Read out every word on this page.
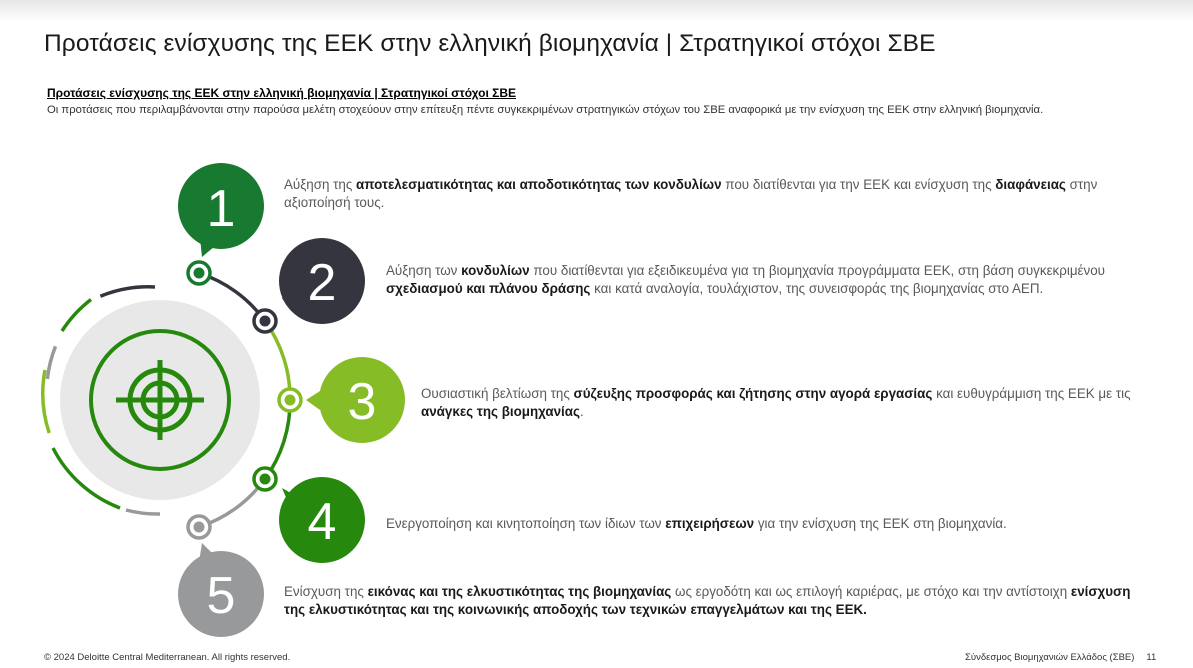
Προτάσεις ενίσχυσης της ΕΕΚ στην ελληνική βιομηχανία | Στρατηγικοί στόχοι ΣΒΕ
Προτάσεις ενίσχυσης της ΕΕΚ στην ελληνική βιομηχανία | Στρατηγικοί στόχοι ΣΒΕ
Οι προτάσεις που περιλαμβάνονται στην παρούσα μελέτη στοχεύουν στην επίτευξη πέντε συγκεκριμένων στρατηγικών στόχων του ΣΒΕ αναφορικά με την ενίσχυση της ΕΕΚ στην ελληνική βιομηχανία.
1
2
3
4
5
Αύξηση της αποτελεσματικότητας και αποδοτικότητας των κονδυλίων που διατίθενται για την ΕΕΚ και ενίσχυση της διαφάνειας στην
αξιοποίησή τους.
Αύξηση των κονδυλίων που διατίθενται για εξειδικευμένα για τη βιομηχανία προγράμματα ΕΕΚ, στη βάση συγκεκριμένου
σχεδιασμού και πλάνου δράσης και κατά αναλογία, τουλάχιστον, της συνεισφοράς της βιομηχανίας στο ΑΕΠ.
Ουσιαστική βελτίωση της σύζευξης προσφοράς και ζήτησης στην αγορά εργασίας και ευθυγράμμιση της ΕΕΚ με τις
ανάγκες της βιομηχανίας.
Ενεργοποίηση και κινητοποίηση των ίδιων των επιχειρήσεων για την ενίσχυση της ΕΕΚ στη βιομηχανία.
Ενίσχυση της εικόνας και της ελκυστικότητας της βιομηχανίας ως εργοδότη και ως επιλογή καριέρας, με στόχο και την αντίστοιχη ενίσχυση
της ελκυστικότητας και της κοινωνικής αποδοχής των τεχνικών επαγγελμάτων και της ΕΕΚ.
© 2024 Deloitte Central Mediterranean. All rights reserved.	Σύνδεσμος Βιομηχανιών Ελλάδος (ΣΒΕ) 11
